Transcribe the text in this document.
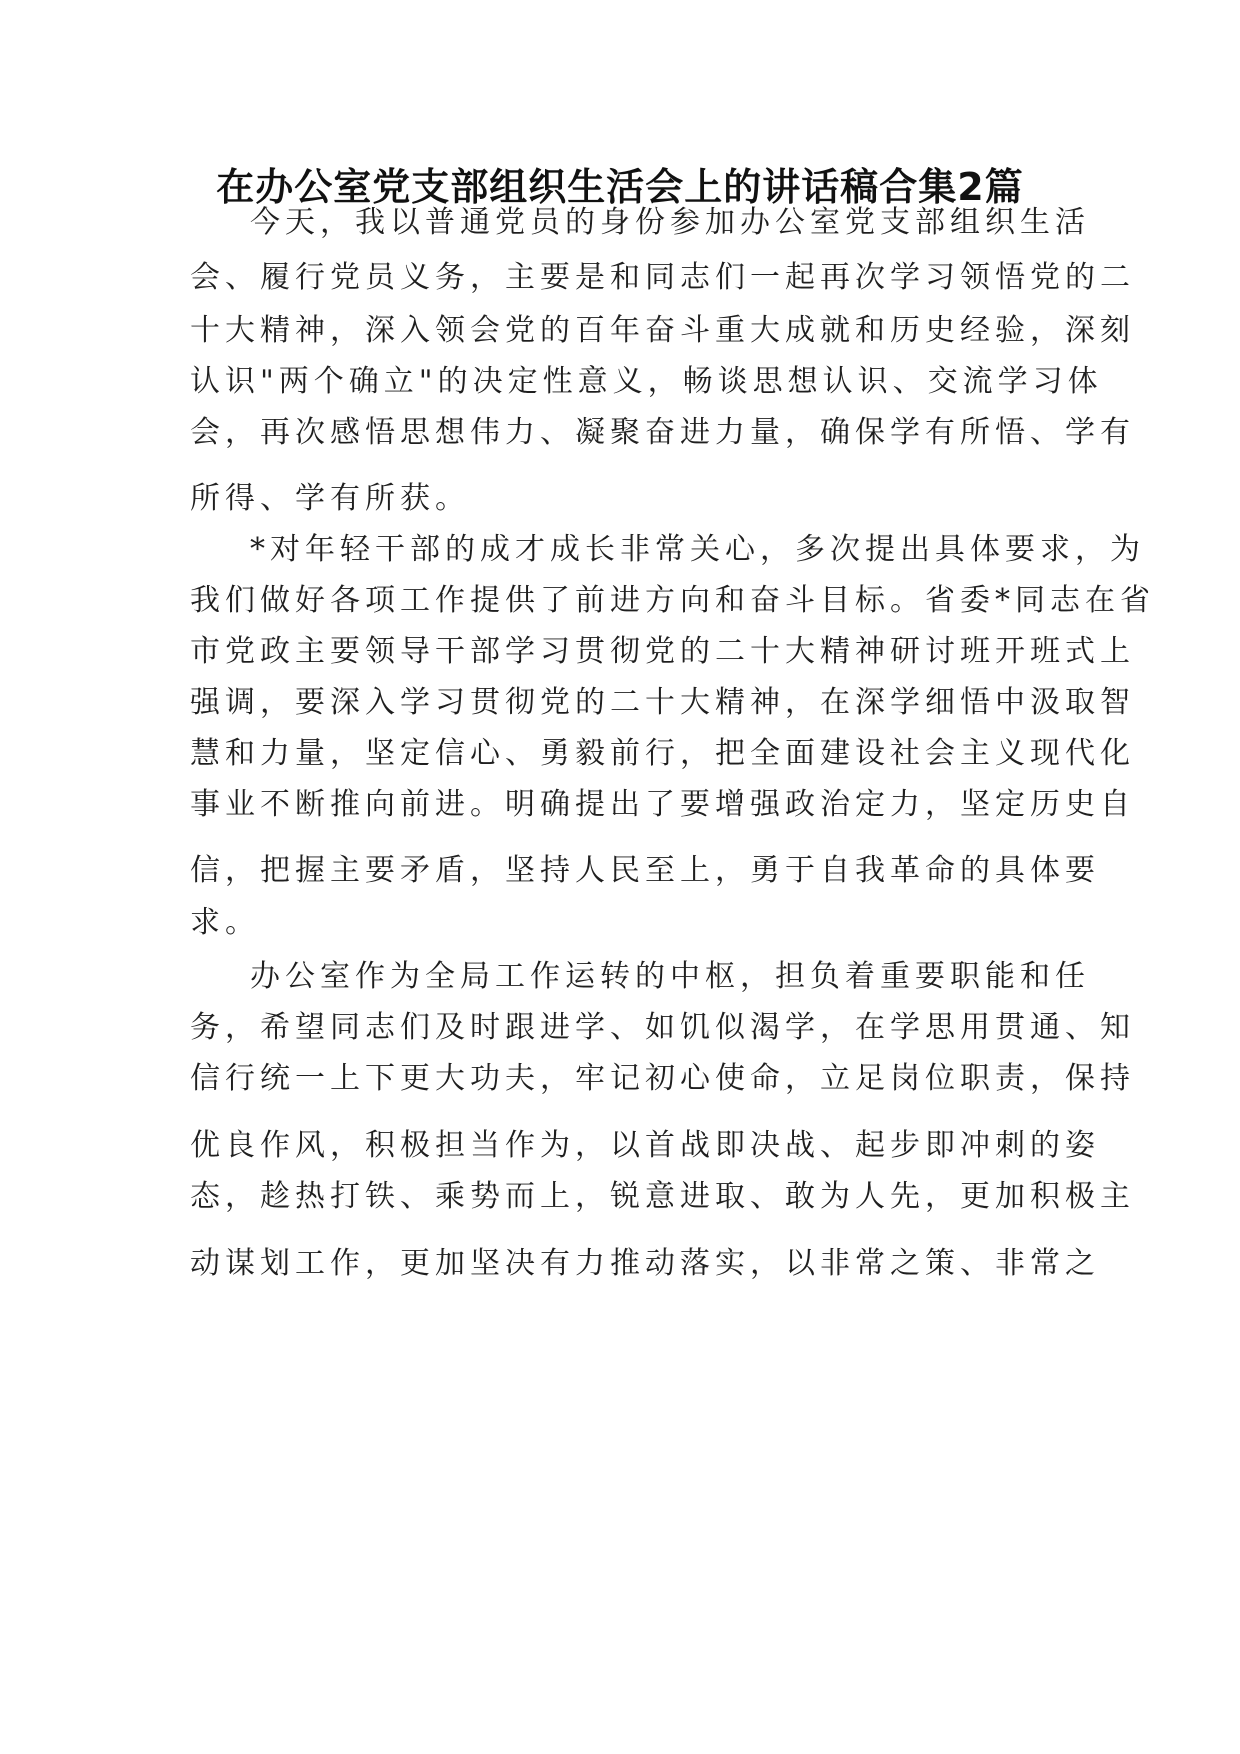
在办公室党支部组织生活会上的讲话稿合集2篇
今天，我以普通党员的身份参加办公室党支部组织生活
会、履行党员义务，主要是和同志们一起再次学习领悟党的二
十大精神，深入领会党的百年奋斗重大成就和历史经验，深刻
认识"两个确立"的决定性意义，畅谈思想认识、交流学习体
会，再次感悟思想伟力、凝聚奋进力量，确保学有所悟、学有
所得、学有所获。
*对年轻干部的成才成长非常关心，多次提出具体要求，为
我们做好各项工作提供了前进方向和奋斗目标。省委*同志在省
市党政主要领导干部学习贯彻党的二十大精神研讨班开班式上
强调，要深入学习贯彻党的二十大精神，在深学细悟中汲取智
慧和力量，坚定信心、勇毅前行，把全面建设社会主义现代化
事业不断推向前进。明确提出了要增强政治定力，坚定历史自
信，把握主要矛盾，坚持人民至上，勇于自我革命的具体要
求。
办公室作为全局工作运转的中枢，担负着重要职能和任
务，希望同志们及时跟进学、如饥似渴学，在学思用贯通、知
信行统一上下更大功夫，牢记初心使命，立足岗位职责，保持
优良作风，积极担当作为，以首战即决战、起步即冲刺的姿
态，趁热打铁、乘势而上，锐意进取、敢为人先，更加积极主
动谋划工作，更加坚决有力推动落实，以非常之策、非常之
